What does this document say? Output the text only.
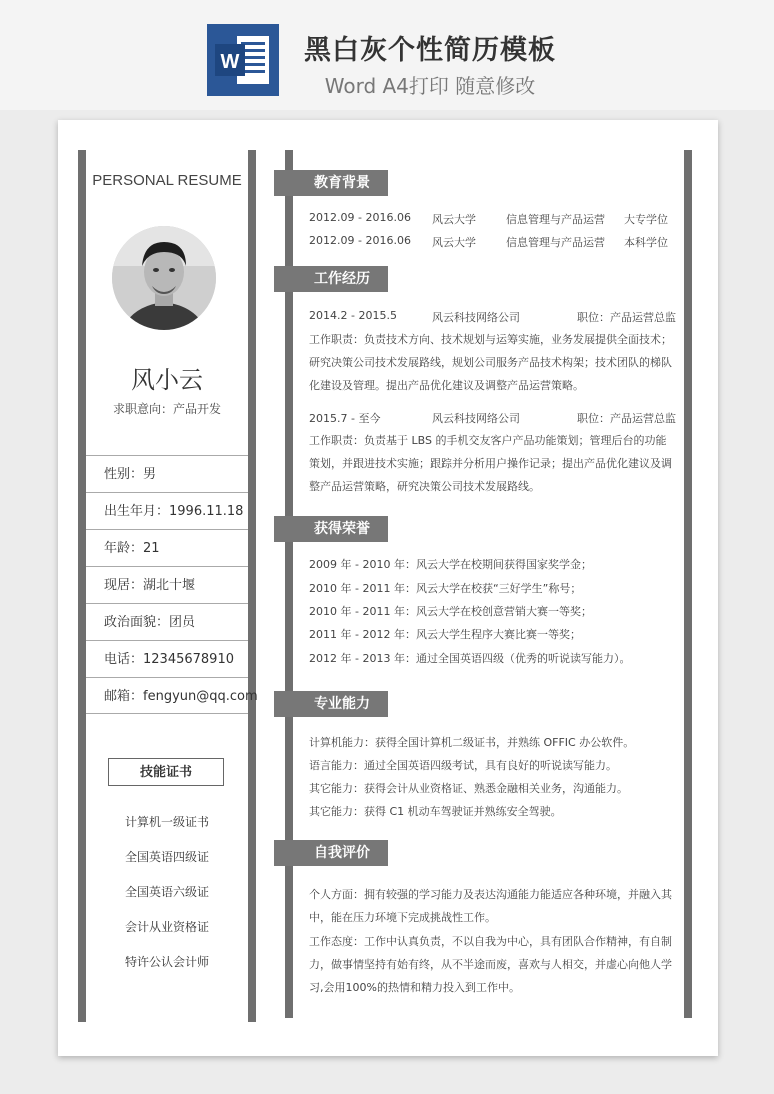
W	黑白灰个性简历模板
Word A4打印 随意修改
PERSONAL RESUME
风小云
求职意向：产品开发
性别：男
出生年月：1996.11.18
年龄：21
现居：湖北十堰
政治面貌：团员
电话：12345678910
邮箱：fengyun@qq.com
技能证书
计算机一级证书
全国英语四级证
全国英语六级证
会计从业资格证
特许公认会计师
教育背景
2012.09 - 2016.06 风云大学	信息管理与产品运营 大专学位
2012.09 - 2016.06 风云大学	信息管理与产品运营 本科学位
工作经历
2014.2 - 2015.5	风云科技网络公司	职位：产品运营总监
工作职责：负责技术方向、技术规划与运筹实施，业务发展提供全面技术；研究决策公司技术发展路线，规划公司服务产品技术构架；技术团队的梯队化建设及管理。提出产品优化建议及调整产品运营策略。
2015.7 - 至今	风云科技网络公司	职位：产品运营总监
工作职责：负责基于 LBS 的手机交友客户产品功能策划；管理后台的功能策划，并跟进技术实施；跟踪并分析用户操作记录；提出产品优化建议及调整产品运营策略，研究决策公司技术发展路线。
获得荣誉
2009 年 - 2010 年：风云大学在校期间获得国家奖学金；
2010 年 - 2011 年：风云大学在校获“三好学生”称号；
2010 年 - 2011 年：风云大学在校创意营销大赛一等奖；
2011 年 - 2012 年：风云大学生程序大赛比赛一等奖；
2012 年 - 2013 年：通过全国英语四级（优秀的听说读写能力）。
专业能力
计算机能力：获得全国计算机二级证书，并熟练 OFFIC 办公软件。
语言能力：通过全国英语四级考试，具有良好的听说读写能力。
其它能力：获得会计从业资格证、熟悉金融相关业务，沟通能力。
其它能力：获得 C1 机动车驾驶证并熟练安全驾驶。
自我评价
个人方面：拥有较强的学习能力及表达沟通能力能适应各种环境，并融入其中，能在压力环境下完成挑战性工作。
工作态度：工作中认真负责，不以自我为中心，具有团队合作精神，有自制力，做事情坚持有始有终，从不半途而废，喜欢与人相交，并虚心向他人学习,会用100%的热情和精力投入到工作中。
